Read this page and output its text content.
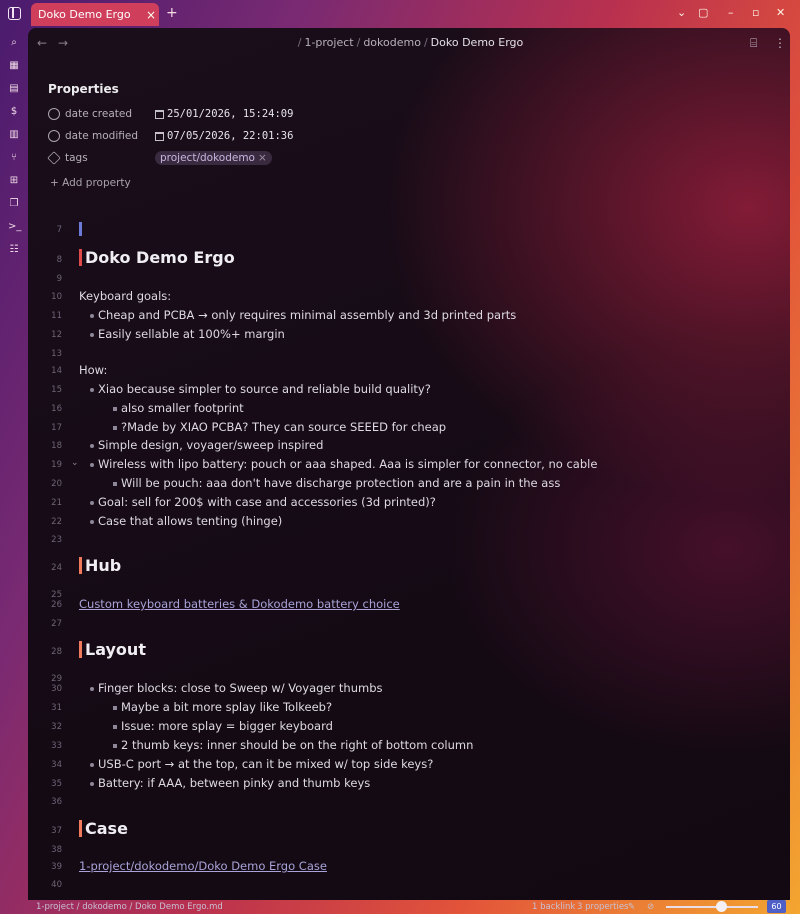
Doko Demo Ergo	× +	⌄ ▢ – ▫ ✕
⌕
▦
▤
$
▥
⑂
⊞
❐
>_
☷
← →	/ 1-project / dokodemo / Doko Demo Ergo	⌸ ⋮
Properties
date created	25/01/2026, 15:24:09
date modified	07/05/2026, 22:01:36
tags	project/dokodemo ×
+ Add property
7
8	Doko Demo Ergo
9
10 Keyboard goals:
11	Cheap and PCBA → only requires minimal assembly and 3d printed parts
12	Easily sellable at 100%+ margin
13
14 How:
15	Xiao because simpler to source and reliable build quality?
16	also smaller footprint
17	?Made by XIAO PCBA? They can source SEEED for cheap
18	Simple design, voyager/sweep inspired
19 ⌄ Wireless with lipo battery: pouch or aaa shaped. Aaa is simpler for connector, no cable
20	Will be pouch: aaa don't have discharge protection and are a pain in the ass
21	Goal: sell for 200$ with case and accessories (3d printed)?
22	Case that allows tenting (hinge)
23
24	Hub
25
26 Custom keyboard batteries & Dokodemo battery choice
27
28	Layout
29
30	Finger blocks: close to Sweep w/ Voyager thumbs
31	Maybe a bit more splay like Tolkeeb?
32	Issue: more splay = bigger keyboard
33	2 thumb keys: inner should be on the right of bottom column
34	USB-C port → at the top, can it be mixed w/ top side keys?
35	Battery: if AAA, between pinky and thumb keys
36
37	Case
38
39 1-project/dokodemo/Doko Demo Ergo Case
40
1-project / dokodemo / Doko Demo Ergo.md	1 backlink 3 properties ✎ ⊘	60
